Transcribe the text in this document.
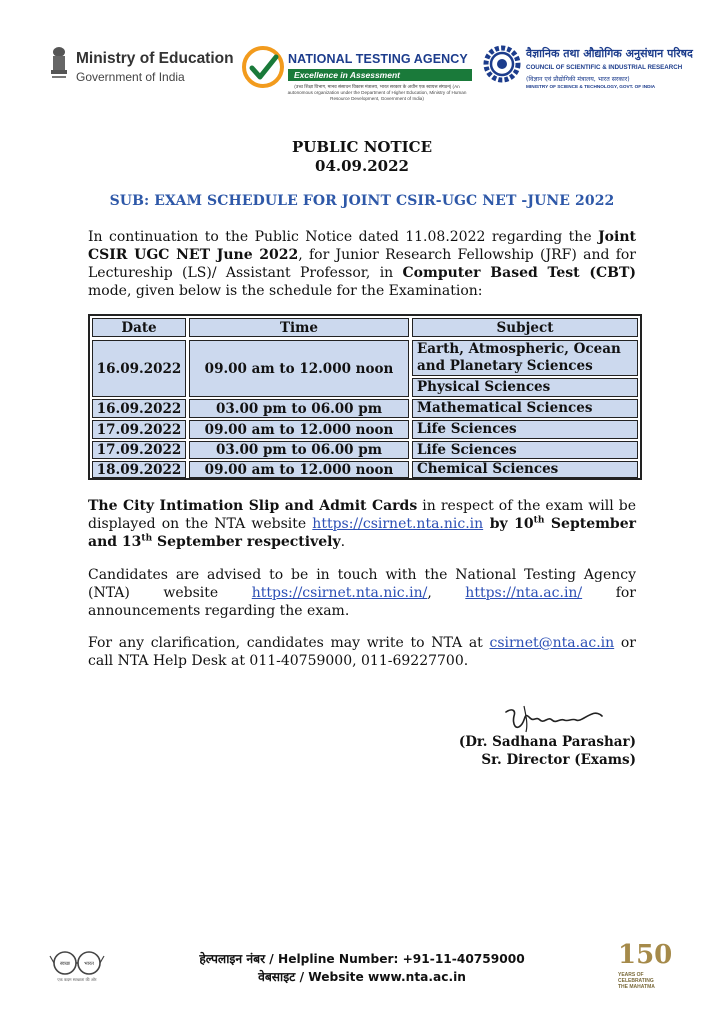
Ministry of Education
Government of India
NATIONAL TESTING AGENCY
Excellence in Assessment
(उच्च शिक्षा विभाग, मानव संसाधन विकास मंत्रालय, भारत सरकार के अधीन एक स्वायत्त संगठन) (An autonomous organization under the Department of Higher Education, Ministry of Human Resource Development, Government of India)
वैज्ञानिक तथा औद्योगिक अनुसंधान परिषद
COUNCIL OF SCIENTIFIC & INDUSTRIAL RESEARCH
(विज्ञान एवं प्रौद्योगिकी मंत्रालय, भारत सरकार)
MINISTRY OF SCIENCE & TECHNOLOGY, GOVT. OF INDIA
PUBLIC NOTICE
04.09.2022
SUB: EXAM SCHEDULE FOR JOINT CSIR-UGC NET -JUNE 2022
In continuation to the Public Notice dated 11.08.2022 regarding the Joint CSIR UGC NET June 2022, for Junior Research Fellowship (JRF) and for Lectureship (LS)/ Assistant Professor, in Computer Based Test (CBT) mode, given below is the schedule for the Examination:
Date	Time	Subject
16.09.2022	09.00 am to 12.000 noon
Earth, Atmospheric, Ocean and Planetary Sciences
Physical Sciences
16.09.2022	03.00 pm to 06.00 pm	Mathematical Sciences
17.09.2022	09.00 am to 12.000 noon	Life Sciences
17.09.2022	03.00 pm to 06.00 pm	Life Sciences
18.09.2022	09.00 am to 12.000 noon	Chemical Sciences
The City Intimation Slip and Admit Cards in respect of the exam will be displayed on the NTA website https://csirnet.nta.nic.in by 10th September and 13th September respectively.
Candidates are advised to be in touch with the National Testing Agency (NTA) website https://csirnet.nta.nic.in/, https://nta.ac.in/ for announcements regarding the exam.
For any clarification, candidates may write to NTA at csirnet@nta.ac.in or call NTA Help Desk at 011-40759000, 011-69227700.
(Dr. Sadhana Parashar)
Sr. Director (Exams)
स्वच्छ	भारत
एक कदम स्वच्छता की ओर
हेल्पलाइन नंबर / Helpline Number: +91-11-40759000
वेबसाइट / Website www.nta.ac.in
150
YEARS OF
CELEBRATING
THE MAHATMA
